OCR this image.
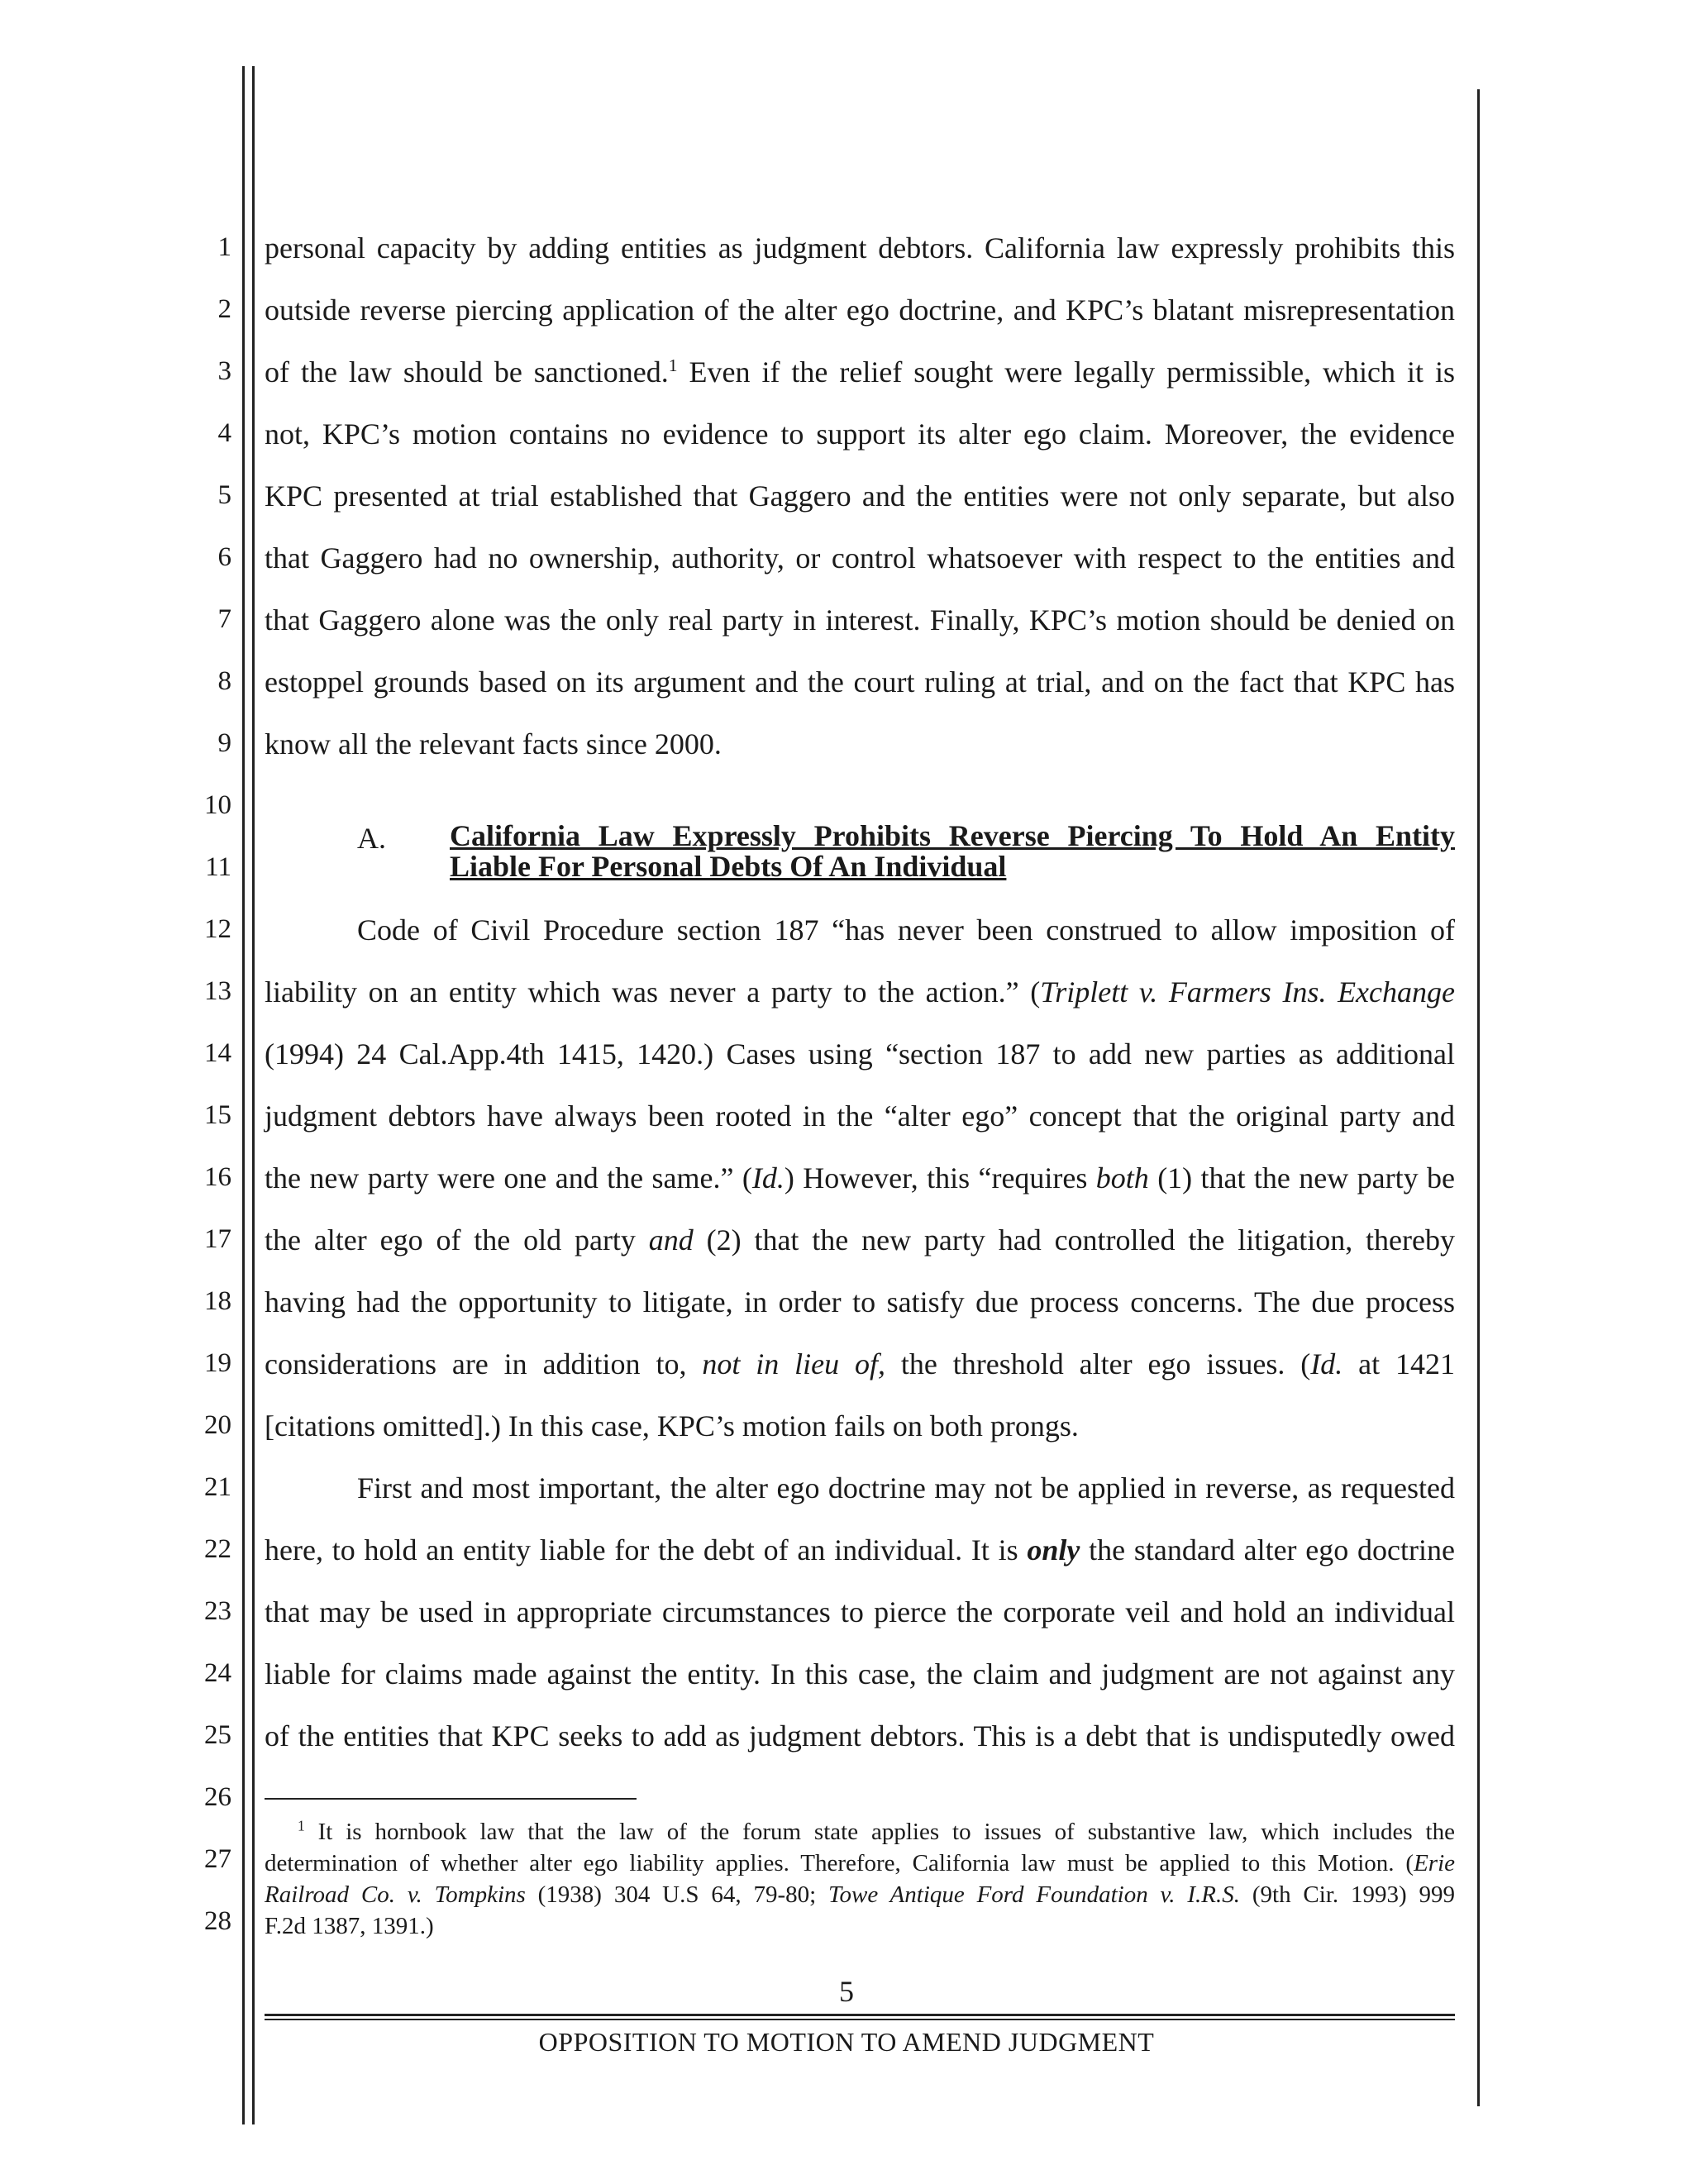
1
2
3
4
5
6
7
8
9
10
11
12
13
14
15
16
17
18
19
20
21
22
23
24
25
26
27
28
personal capacity by adding entities as judgment debtors. California law expressly prohibits this
outside reverse piercing application of the alter ego doctrine, and KPC’s blatant misrepresentation
of the law should be sanctioned.$^1$ Even if the relief sought were legally permissible, which it is
not, KPC’s motion contains no evidence to support its alter ego claim. Moreover, the evidence
KPC presented at trial established that Gaggero and the entities were not only separate, but also
that Gaggero had no ownership, authority, or control whatsoever with respect to the entities and
that Gaggero alone was the only real party in interest. Finally, KPC’s motion should be denied on
estoppel grounds based on its argument and the court ruling at trial, and on the fact that KPC has
know all the relevant facts since 2000.
A. California Law Expressly Prohibits Reverse Piercing To Hold An Entity
Liable For Personal Debts Of An Individual
Code of Civil Procedure section 187 “has never been construed to allow imposition of
liability on an entity which was never a party to the action.” (Triplett v. Farmers Ins. Exchange
(1994) 24 Cal.App.4th 1415, 1420.) Cases using “section 187 to add new parties as additional
judgment debtors have always been rooted in the “alter ego” concept that the original party and
the new party were one and the same.” (Id.) However, this “requires both (1) that the new party be
the alter ego of the old party and (2) that the new party had controlled the litigation, thereby
having had the opportunity to litigate, in order to satisfy due process concerns. The due process
considerations are in addition to, not in lieu of, the threshold alter ego issues. (Id. at 1421
[citations omitted].) In this case, KPC’s motion fails on both prongs.
First and most important, the alter ego doctrine may not be applied in reverse, as requested
here, to hold an entity liable for the debt of an individual. It is only the standard alter ego doctrine
that may be used in appropriate circumstances to pierce the corporate veil and hold an individual
liable for claims made against the entity. In this case, the claim and judgment are not against any
of the entities that KPC seeks to add as judgment debtors. This is a debt that is undisputedly owed
$^1$ It is hornbook law that the law of the forum state applies to issues of substantive law, which includes the
determination of whether alter ego liability applies. Therefore, California law must be applied to this Motion. (Erie
Railroad Co. v. Tompkins (1938) 304 U.S 64, 79-80; Towe Antique Ford Foundation v. I.R.S. (9th Cir. 1993) 999
F.2d 1387, 1391.)
5
OPPOSITION TO MOTION TO AMEND JUDGMENT
